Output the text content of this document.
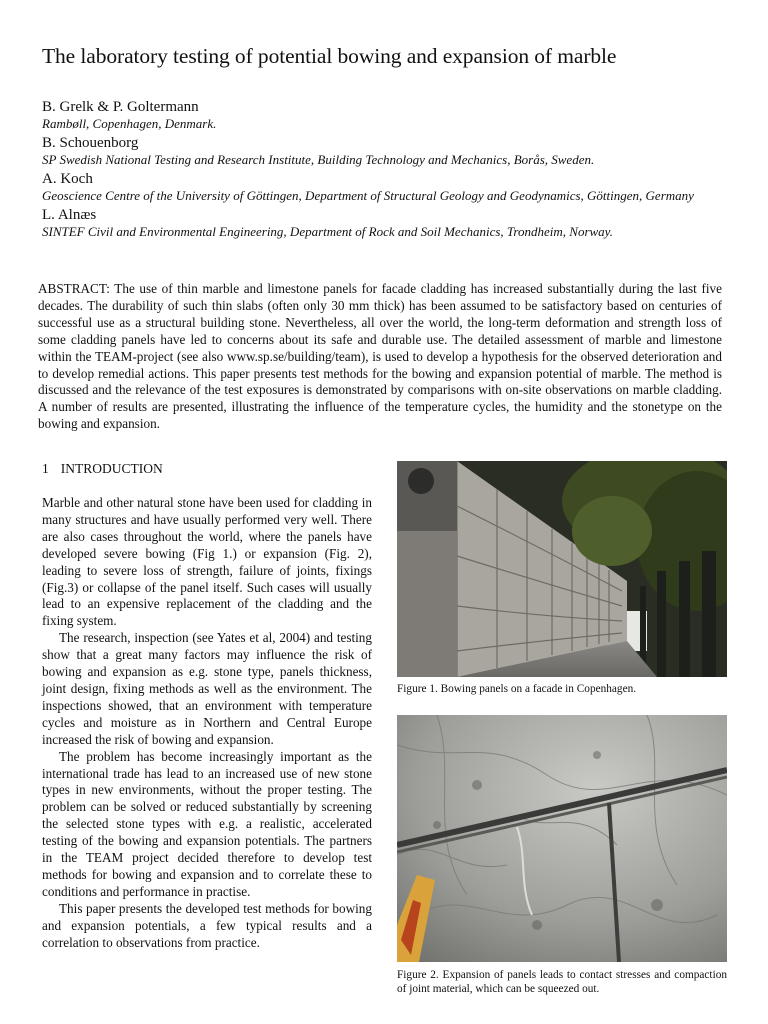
The laboratory testing of potential bowing and expansion of marble
B. Grelk & P. Goltermann
Rambøll, Copenhagen, Denmark.
B. Schouenborg
SP Swedish National Testing and Research Institute, Building Technology and Mechanics, Borås, Sweden.
A. Koch
Geoscience Centre of the University of Göttingen, Department of Structural Geology and Geodynamics, Göttingen, Germany
L. Alnæs
SINTEF Civil and Environmental Engineering, Department of Rock and Soil Mechanics, Trondheim, Norway.

ABSTRACT: The use of thin marble and limestone panels for facade cladding has increased substantially during the last five decades. The durability of such thin slabs (often only 30 mm thick) has been assumed to be satisfactory based on centuries of successful use as a structural building stone. Nevertheless, all over the world, the long-term deformation and strength loss of some cladding panels have led to concerns about its safe and durable use. The detailed assessment of marble and limestone within the TEAM-project (see also www.sp.se/building/team), is used to develop a hypothesis for the observed deterioration and to develop remedial actions. This paper presents test methods for the bowing and expansion potential of marble. The method is discussed and the relevance of the test exposures is demonstrated by comparisons with on-site observations on marble cladding. A number of results are presented, illustrating the influence of the temperature cycles, the humidity and the stonetype on the bowing and expansion.

1 INTRODUCTION

Marble and other natural stone have been used for cladding in many structures and have usually performed very well. There are also cases throughout the world, where the panels have developed severe bowing (Fig 1.) or expansion (Fig. 2), leading to severe loss of strength, failure of joints, fixings (Fig.3) or collapse of the panel itself. Such cases will usually lead to an expensive replacement of the cladding and the fixing system.

The research, inspection (see Yates et al, 2004) and testing show that a great many factors may influence the risk of bowing and expansion as e.g. stone type, panels thickness, joint design, fixing methods as well as the environment. The inspections showed, that an environment with temperature cycles and moisture as in Northern and Central Europe increased the risk of bowing and expansion.

The problem has become increasingly important as the international trade has lead to an increased use of new stone types in new environments, without the proper testing. The problem can be solved or reduced substantially by screening the selected stone types with e.g. a realistic, accelerated testing of the bowing and expansion potentials. The partners in the TEAM project decided therefore to develop test methods for bowing and expansion and to correlate these to conditions and performance in practise.

This paper presents the developed test methods for bowing and expansion potentials, a few typical results and a correlation to observations from practice.

Figure 1. Bowing panels on a facade in Copenhagen.
Figure 2. Expansion of panels leads to contact stresses and compaction of joint material, which can be squeezed out.
